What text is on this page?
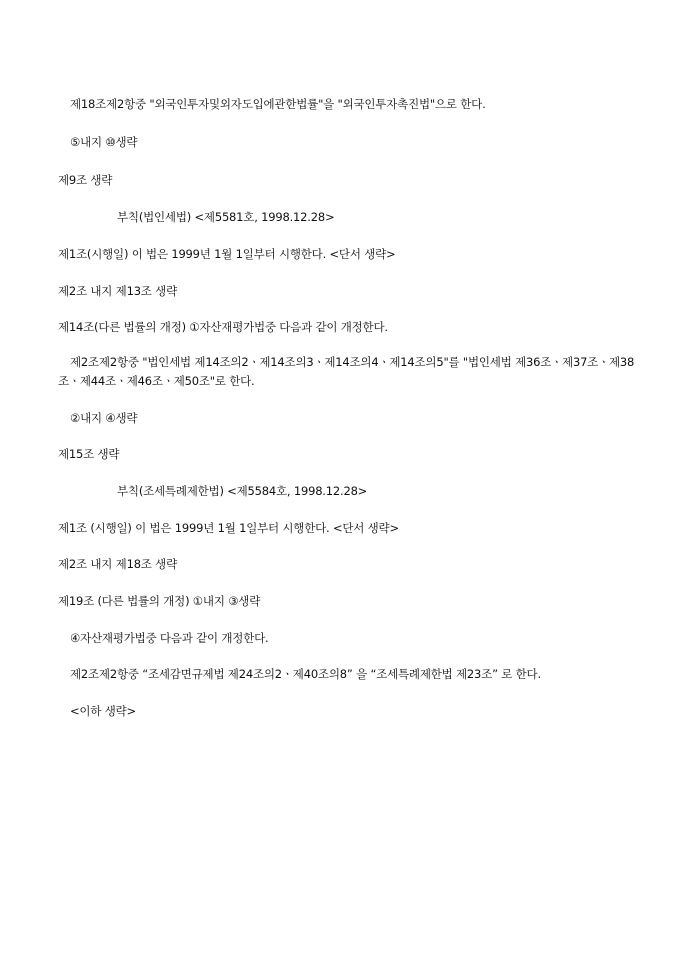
제18조제2항중 "외국인투자및외자도입에관한법률"을 "외국인투자촉진법"으로 한다.
⑤내지 ⑩생략
제9조 생략
부칙(법인세법) <제5581호, 1998.12.28>
제1조(시행일) 이 법은 1999년 1월 1일부터 시행한다. <단서 생략>
제2조 내지 제13조 생략
제14조(다른 법률의 개정) ①자산재평가법중 다음과 같이 개정한다.
제2조제2항중 "법인세법 제14조의2ㆍ제14조의3ㆍ제14조의4ㆍ제14조의5"를 "법인세법 제36조ㆍ제37조ㆍ제38조ㆍ제44조ㆍ제46조ㆍ제50조"로 한다.
②내지 ④생략
제15조 생략
부칙(조세특례제한법) <제5584호, 1998.12.28>
제1조 (시행일) 이 법은 1999년 1월 1일부터 시행한다. <단서 생략>
제2조 내지 제18조 생략
제19조 (다른 법률의 개정) ①내지 ③생략
④자산재평가법중 다음과 같이 개정한다.
제2조제2항중 “조세감면규제법 제24조의2ㆍ제40조의8” 을 “조세특례제한법 제23조” 로 한다.
<이하 생략>
